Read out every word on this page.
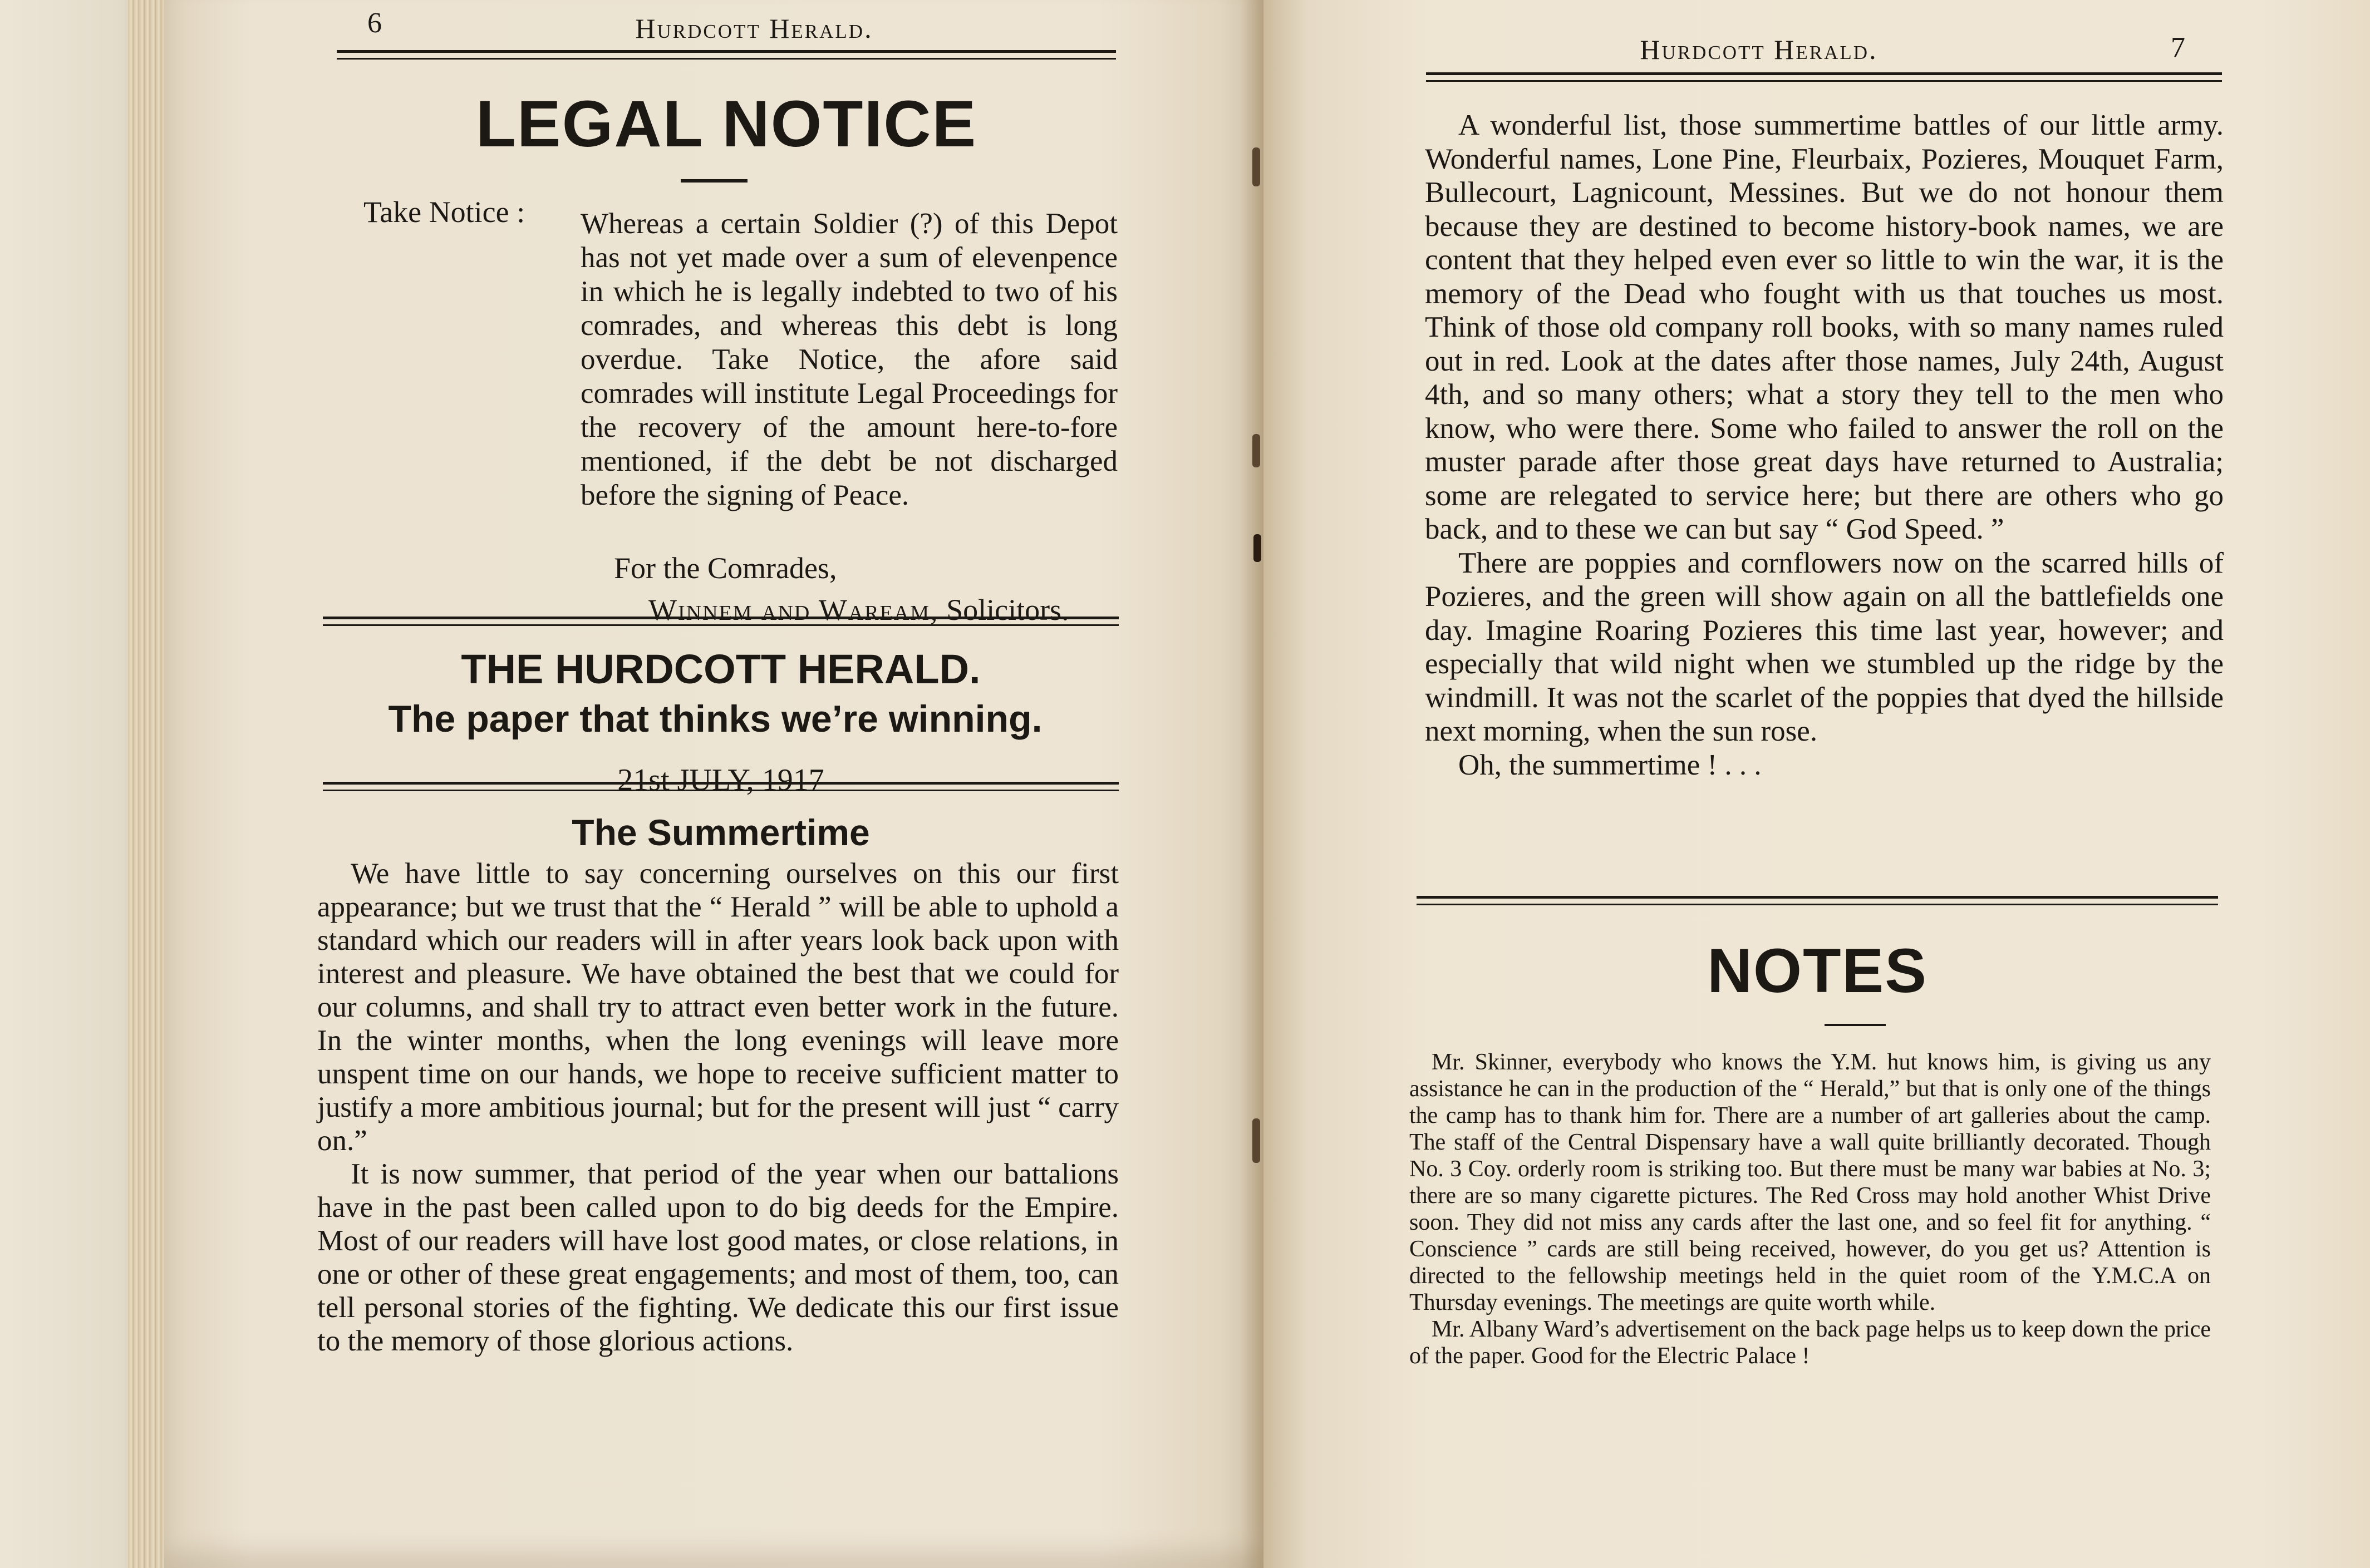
6	Hurdcott Herald.
LEGAL NOTICE
Take Notice : Whereas a certain Soldier (?) of this Depot has not yet made over a sum of elevenpence in which he is legally indebted to two of his comrades, and whereas this debt is long overdue. Take Notice, the afore said comrades will institute Legal Proceedings for the recovery of the amount here-to-fore mentioned, if the debt be not discharged before the signing of Peace.
For the Comrades,
Winnem and Waream, Solicitors.
THE HURDCOTT HERALD.
The paper that thinks we’re winning.
21st JULY, 1917
The Summertime

We have little to say concerning ourselves on this our first appearance; but we trust that the “ Herald ” will be able to uphold a standard which our readers will in after years look back upon with interest and pleasure. We have obtained the best that we could for our columns, and shall try to attract even better work in the future. In the winter months, when the long evenings will leave more unspent time on our hands, we hope to receive sufficient matter to justify a more ambitious journal; but for the present will just “ carry on.”

It is now summer, that period of the year when our battalions have in the past been called upon to do big deeds for the Empire. Most of our readers will have lost good mates, or close relations, in one or other of these great engagements; and most of them, too, can tell personal stories of the fighting. We dedicate this our first issue to the memory of those glorious actions.

Hurdcott Herald.	7

A wonderful list, those summertime battles of our little army. Wonderful names, Lone Pine, Fleurbaix, Pozieres, Mouquet Farm, Bullecourt, Lagnicount, Messines. But we do not honour them because they are destined to become history-book names, we are content that they helped even ever so little to win the war, it is the memory of the Dead who fought with us that touches us most. Think of those old company roll books, with so many names ruled out in red. Look at the dates after those names, July 24th, August 4th, and so many others; what a story they tell to the men who know, who were there. Some who failed to answer the roll on the muster parade after those great days have returned to Australia; some are relegated to service here; but there are others who go back, and to these we can but say “ God Speed. ”

There are poppies and cornflowers now on the scarred hills of Pozieres, and the green will show again on all the battlefields one day. Imagine Roaring Pozieres this time last year, however; and especially that wild night when we stumbled up the ridge by the windmill. It was not the scarlet of the poppies that dyed the hillside next morning, when the sun rose.

Oh, the summertime ! . . .

NOTES

Mr. Skinner, everybody who knows the Y.M. hut knows him, is giving us any assistance he can in the production of the “ Herald,” but that is only one of the things the camp has to thank him for. There are a number of art galleries about the camp. The staff of the Central Dispensary have a wall quite brilliantly decorated. Though No. 3 Coy. orderly room is striking too. But there must be many war babies at No. 3; there are so many cigarette pictures. The Red Cross may hold another Whist Drive soon. They did not miss any cards after the last one, and so feel fit for anything. “ Conscience ” cards are still being received, however, do you get us? Attention is directed to the fellowship meetings held in the quiet room of the Y.M.C.A on Thursday evenings. The meetings are quite worth while.

Mr. Albany Ward’s advertisement on the back page helps us to keep down the price of the paper. Good for the Electric Palace !
